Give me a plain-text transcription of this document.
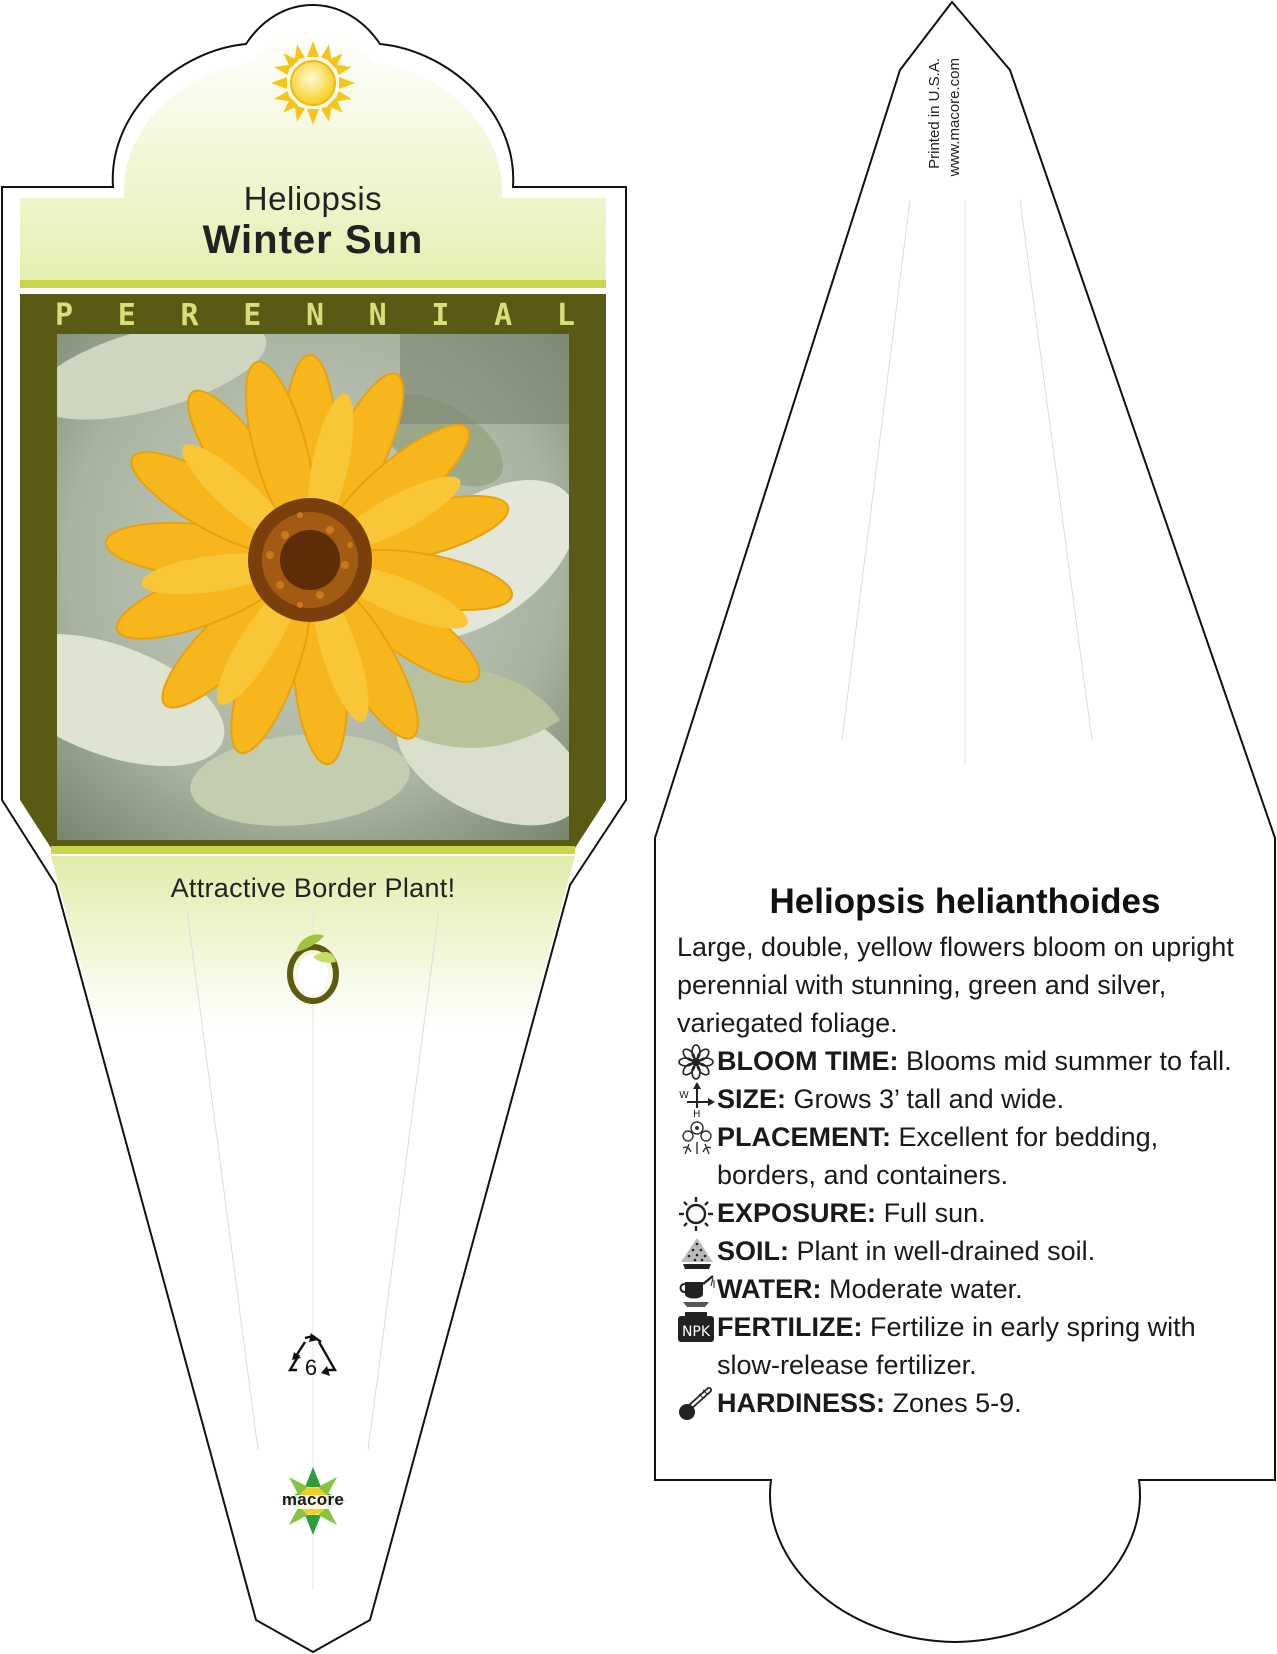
Heliopsis
Winter Sun
P E R E N N I A L
Attractive Border Plant!
6
macore
Printed in U.S.A. www.macore.com
Heliopsis helianthoides

Large, double, yellow flowers bloom on upright perennial with stunning, green and silver, variegated foliage.

BLOOM TIME: Blooms mid summer to fall.
W
H
SIZE: Grows 3’ tall and wide.
PLACEMENT: Excellent for bedding, borders, and containers.
EXPOSURE: Full sun.
SOIL: Plant in well-drained soil.
WATER: Moderate water.
NPK FERTILIZE: Fertilize in early spring with slow-release fertilizer.
HARDINESS: Zones 5-9.
